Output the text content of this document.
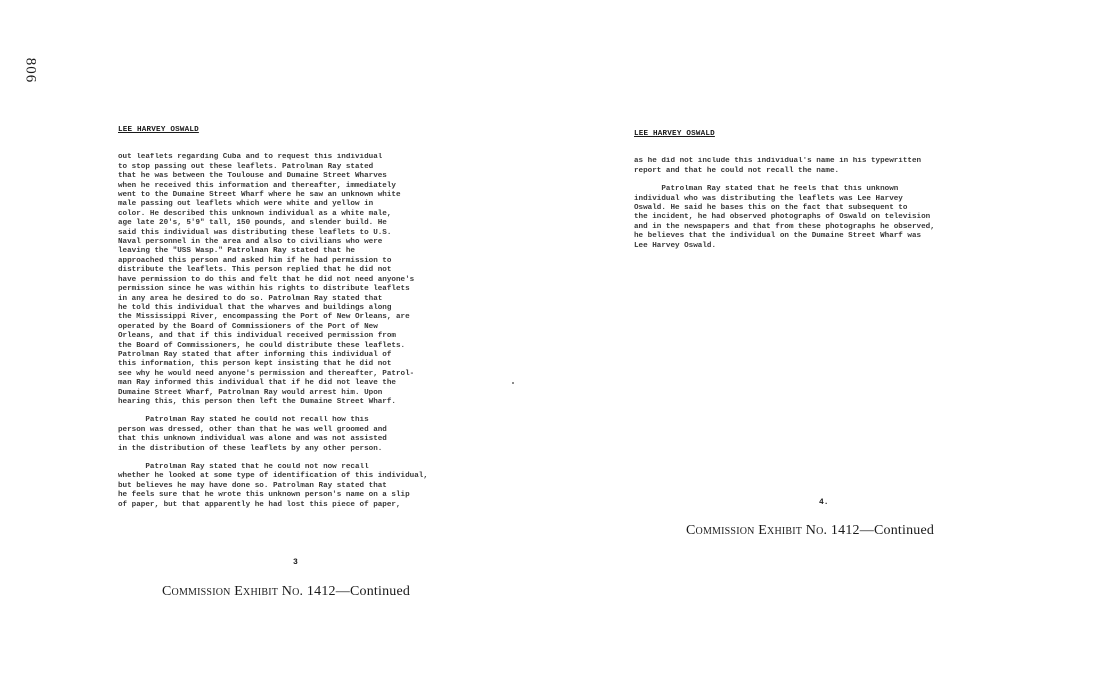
806
LEE HARVEY OSWALD
out leaflets regarding Cuba and to request this individual
to stop passing out these leaflets. Patrolman Ray stated
that he was between the Toulouse and Dumaine Street Wharves
when he received this information and thereafter, immediately
went to the Dumaine Street Wharf where he saw an unknown white
male passing out leaflets which were white and yellow in
color. He described this unknown individual as a white male,
age late 20's, 5'9" tall, 150 pounds, and slender build. He
said this individual was distributing these leaflets to U.S.
Naval personnel in the area and also to civilians who were
leaving the "USS Wasp." Patrolman Ray stated that he
approached this person and asked him if he had permission to
distribute the leaflets. This person replied that he did not
have permission to do this and felt that he did not need anyone's
permission since he was within his rights to distribute leaflets
in any area he desired to do so. Patrolman Ray stated that
he told this individual that the wharves and buildings along
the Mississippi River, encompassing the Port of New Orleans, are
operated by the Board of Commissioners of the Port of New
Orleans, and that if this individual received permission from
the Board of Commissioners, he could distribute these leaflets.
Patrolman Ray stated that after informing this individual of
this information, this person kept insisting that he did not
see why he would need anyone's permission and thereafter, Patrol-
man Ray informed this individual that if he did not leave the
Dumaine Street Wharf, Patrolman Ray would arrest him. Upon
hearing this, this person then left the Dumaine Street Wharf.
Patrolman Ray stated he could not recall how this
person was dressed, other than that he was well groomed and
that this unknown individual was alone and was not assisted
in the distribution of these leaflets by any other person.
Patrolman Ray stated that he could not now recall
whether he looked at some type of identification of this individual,
but believes he may have done so. Patrolman Ray stated that
he feels sure that he wrote this unknown person's name on a slip
of paper, but that apparently he had lost this piece of paper,
LEE HARVEY OSWALD
as he did not include this individual's name in his typewritten
report and that he could not recall the name.
Patrolman Ray stated that he feels that this unknown
individual who was distributing the leaflets was Lee Harvey
Oswald. He said he bases this on the fact that subsequent to
the incident, he had observed photographs of Oswald on television
and in the newspapers and that from these photographs he observed,
he believes that the individual on the Dumaine Street Wharf was
Lee Harvey Oswald.
3
4.
Commission Exhibit No. 1412—Continued
Commission Exhibit No. 1412—Continued
